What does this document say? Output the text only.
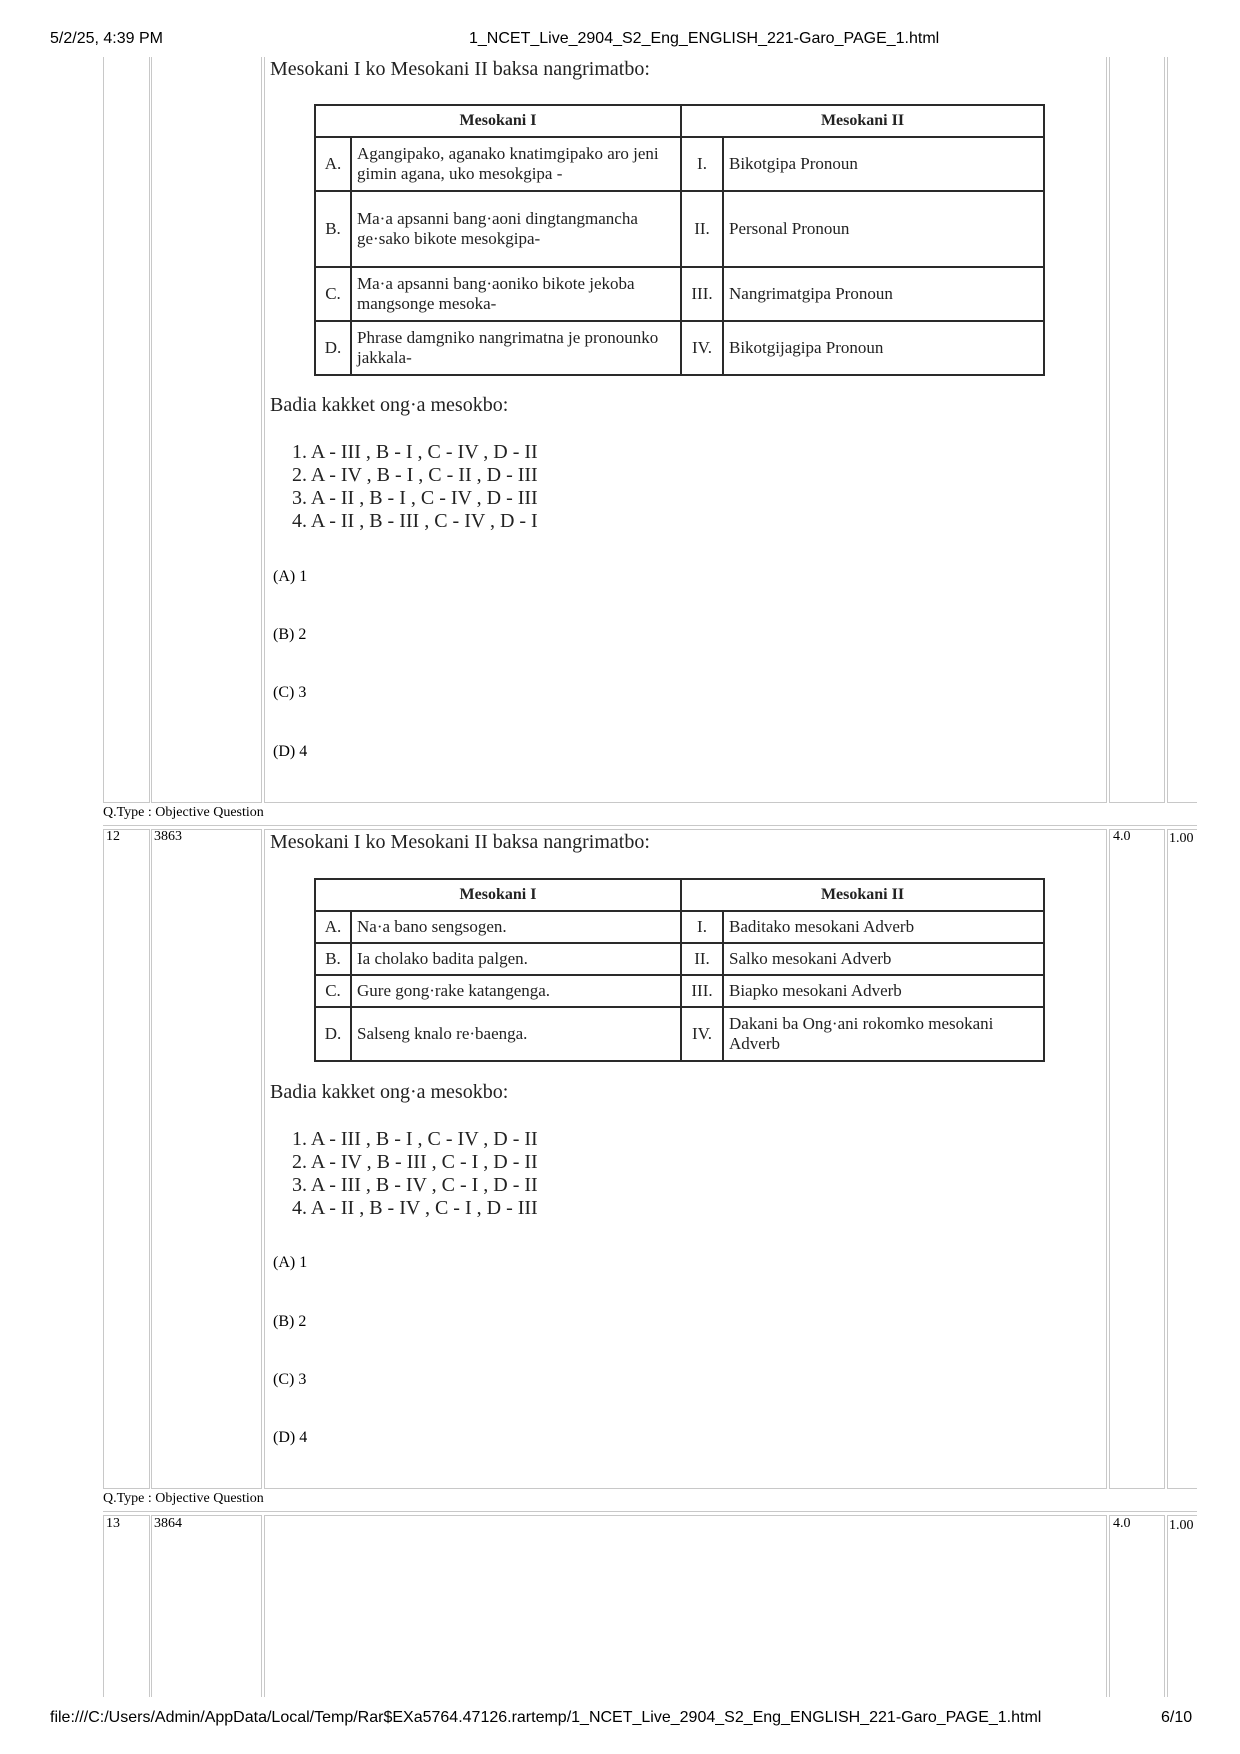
5/2/25, 4:39 PM	1_NCET_Live_2904_S2_Eng_ENGLISH_221-Garo_PAGE_1.html
Mesokani I ko Mesokani II baksa nangrimatbo:
Mesokani I		Mesokani II	
A.	Agangipako, aganako knatimgipako aro jeni gimin agana, uko mesokgipa -	I.	Bikotgipa Pronoun
B.	Ma·a apsanni bang·aoni dingtangmancha ge·sako bikote mesokgipa-	II.	Personal Pronoun
C.	Ma·a apsanni bang·aoniko bikote jekoba mangsonge mesoka-	III.	Nangrimatgipa Pronoun
D.	Phrase damgniko nangrimatna je pronounko jakkala-	IV.	Bikotgijagipa Pronoun
Badia kakket ong·a mesokbo:
1. A - III , B - I , C - IV , D - II
2. A - IV , B - I , C - II , D - III
3. A - II , B - I , C - IV , D - III
4. A - II , B - III , C - IV , D - I
(A) 1
(B) 2
(C) 3
(D) 4
Q.Type : Objective Question
12 3863	4.0	1.00
Mesokani I ko Mesokani II baksa nangrimatbo:
Mesokani I		Mesokani II	
A.	Na·a bano sengsogen.	I.	Baditako mesokani Adverb
B.	Ia cholako badita palgen.	II.	Salko mesokani Adverb
C.	Gure gong·rake katangenga.	III.	Biapko mesokani Adverb
D.	Salseng knalo re·baenga.	IV.	Dakani ba Ong·ani rokomko mesokani Adverb
Badia kakket ong·a mesokbo:
1. A - III , B - I , C - IV , D - II
2. A - IV , B - III , C - I , D - II
3. A - III , B - IV , C - I , D - II
4. A - II , B - IV , C - I , D - III
(A) 1
(B) 2
(C) 3
(D) 4
Q.Type : Objective Question
13 3864	4.0	1.00
file:///C:/Users/Admin/AppData/Local/Temp/Rar$EXa5764.47126.rartemp/1_NCET_Live_2904_S2_Eng_ENGLISH_221-Garo_PAGE_1.html	6/10
